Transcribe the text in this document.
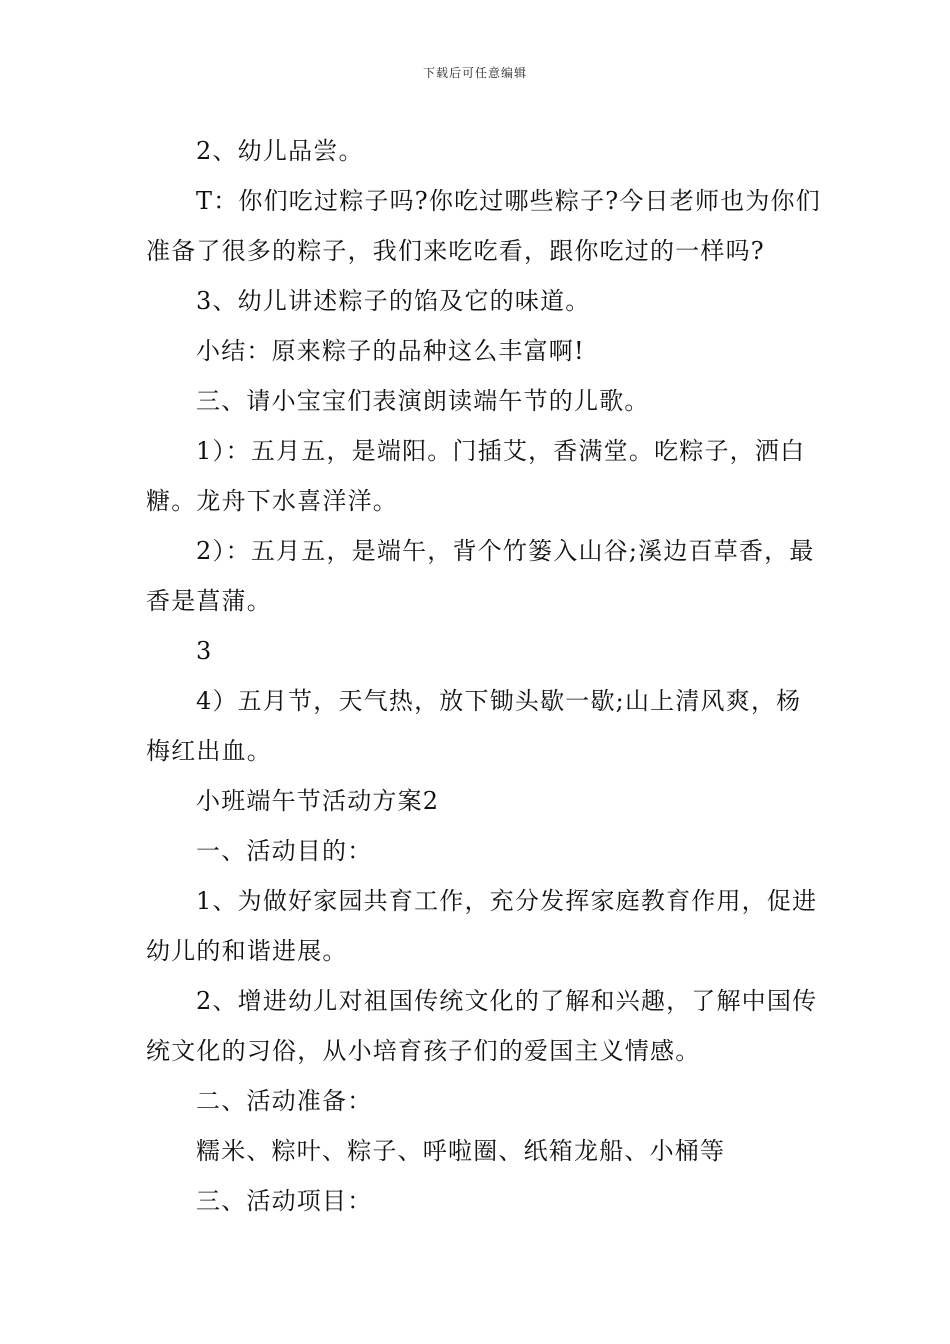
下载后可任意编辑

2、幼儿品尝。

T：你们吃过粽子吗?你吃过哪些粽子?今日老师也为你们准备了很多的粽子，我们来吃吃看，跟你吃过的一样吗?

3、幼儿讲述粽子的馅及它的味道。

小结：原来粽子的品种这么丰富啊!

三、请小宝宝们表演朗读端午节的儿歌。

1）：五月五，是端阳。门插艾，香满堂。吃粽子，洒白糖。龙舟下水喜洋洋。

2）：五月五，是端午，背个竹篓入山谷;溪边百草香，最香是菖蒲。

3

4）五月节，天气热，放下锄头歇一歇;山上清风爽，杨梅红出血。

小班端午节活动方案2

一、活动目的：

1、为做好家园共育工作，充分发挥家庭教育作用，促进幼儿的和谐进展。

2、增进幼儿对祖国传统文化的了解和兴趣，了解中国传统文化的习俗，从小培育孩子们的爱国主义情感。

二、活动准备：

糯米、粽叶、粽子、呼啦圈、纸箱龙船、小桶等

三、活动项目：
